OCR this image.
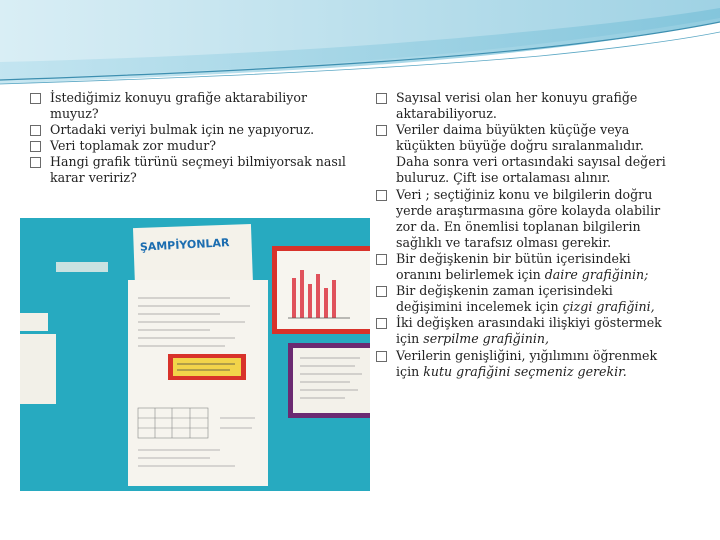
İstediğimiz konuyu grafiğe aktarabiliyor muyuz?

Ortadaki veriyi bulmak için ne yapıyoruz.

Veri toplamak zor mudur?

Hangi grafik türünü seçmeyi bilmiyorsak nasıl karar veririz?

Sayısal verisi olan her konuyu grafiğe aktarabiliyoruz.

Veriler daima büyükten küçüğe veya küçükten büyüğe doğru sıralanmalıdır. Daha sonra veri ortasındaki sayısal değeri buluruz. Çift ise ortalaması alınır.

Veri ; seçtiğiniz konu ve bilgilerin doğru yerde araştırmasına göre kolayda olabilir zor da. En önemlisi toplanan bilgilerin sağlıklı ve tarafsız olması gerekir.

Bir değişkenin bir bütün içerisindeki oranını belirlemek için daire grafiğinin;

Bir değişkenin zaman içerisindeki değişimini incelemek için çizgi grafiğini,

İki değişken arasındaki ilişkiyi göstermek için serpilme grafiğinin,

Verilerin genişliğini, yığılımını öğrenmek için kutu grafiğini seçmeniz gerekir.

ŞAMPİYONLAR
